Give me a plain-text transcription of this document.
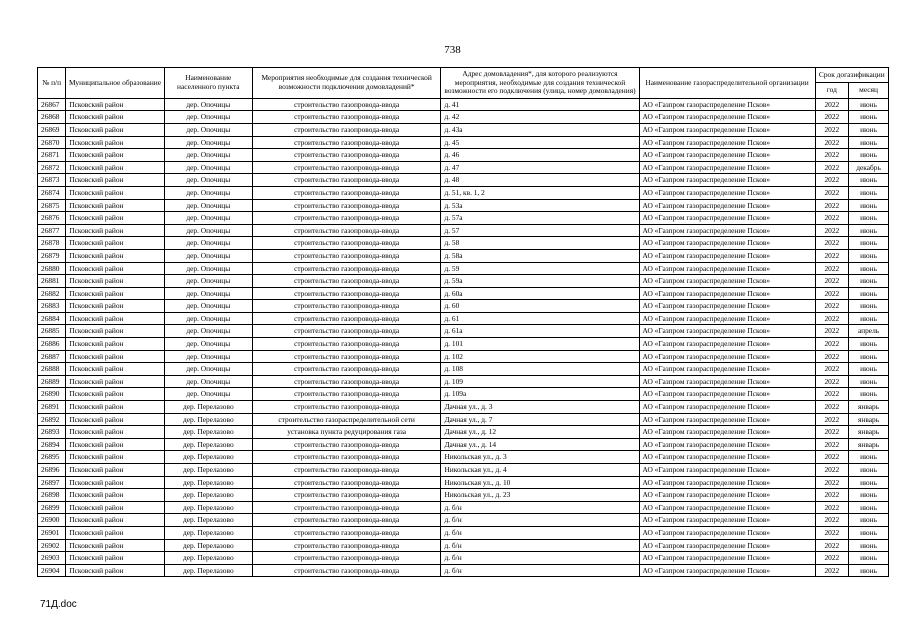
738
№ п/п	Муниципальное образование	Наименование населенного пункта	Мероприятия необходимые для создания технической возможности подключения домовладений*	Адрес домовладения*, для которого реализуются мероприятия, необходимые для создания технической возможности его подключения (улица, номер домовладения)	Наименование газораспределительной организации	Срок догазификации	
						год	месяц
26867	Псковский район	дер. Опочицы	строительство газопровода-ввода	д. 41	АО «Газпром газораспределение Псков»	2022	июнь
26868	Псковский район	дер. Опочицы	строительство газопровода-ввода	д. 42	АО «Газпром газораспределение Псков»	2022	июнь
26869	Псковский район	дер. Опочицы	строительство газопровода-ввода	д. 43а	АО «Газпром газораспределение Псков»	2022	июнь
26870	Псковский район	дер. Опочицы	строительство газопровода-ввода	д. 45	АО «Газпром газораспределение Псков»	2022	июнь
26871	Псковский район	дер. Опочицы	строительство газопровода-ввода	д. 46	АО «Газпром газораспределение Псков»	2022	июнь
26872	Псковский район	дер. Опочицы	строительство газопровода-ввода	д. 47	АО «Газпром газораспределение Псков»	2022	декабрь
26873	Псковский район	дер. Опочицы	строительство газопровода-ввода	д. 48	АО «Газпром газораспределение Псков»	2022	июнь
26874	Псковский район	дер. Опочицы	строительство газопровода-ввода	д. 51, кв. 1, 2	АО «Газпром газораспределение Псков»	2022	июнь
26875	Псковский район	дер. Опочицы	строительство газопровода-ввода	д. 53а	АО «Газпром газораспределение Псков»	2022	июнь
26876	Псковский район	дер. Опочицы	строительство газопровода-ввода	д. 57а	АО «Газпром газораспределение Псков»	2022	июнь
26877	Псковский район	дер. Опочицы	строительство газопровода-ввода	д. 57	АО «Газпром газораспределение Псков»	2022	июнь
26878	Псковский район	дер. Опочицы	строительство газопровода-ввода	д. 58	АО «Газпром газораспределение Псков»	2022	июнь
26879	Псковский район	дер. Опочицы	строительство газопровода-ввода	д. 58а	АО «Газпром газораспределение Псков»	2022	июнь
26880	Псковский район	дер. Опочицы	строительство газопровода-ввода	д. 59	АО «Газпром газораспределение Псков»	2022	июнь
26881	Псковский район	дер. Опочицы	строительство газопровода-ввода	д. 59а	АО «Газпром газораспределение Псков»	2022	июнь
26882	Псковский район	дер. Опочицы	строительство газопровода-ввода	д. 60а	АО «Газпром газораспределение Псков»	2022	июнь
26883	Псковский район	дер. Опочицы	строительство газопровода-ввода	д. 60	АО «Газпром газораспределение Псков»	2022	июнь
26884	Псковский район	дер. Опочицы	строительство газопровода-ввода	д. 61	АО «Газпром газораспределение Псков»	2022	июнь
26885	Псковский район	дер. Опочицы	строительство газопровода-ввода	д. 61а	АО «Газпром газораспределение Псков»	2022	апрель
26886	Псковский район	дер. Опочицы	строительство газопровода-ввода	д. 101	АО «Газпром газораспределение Псков»	2022	июнь
26887	Псковский район	дер. Опочицы	строительство газопровода-ввода	д. 102	АО «Газпром газораспределение Псков»	2022	июнь
26888	Псковский район	дер. Опочицы	строительство газопровода-ввода	д. 108	АО «Газпром газораспределение Псков»	2022	июнь
26889	Псковский район	дер. Опочицы	строительство газопровода-ввода	д. 109	АО «Газпром газораспределение Псков»	2022	июнь
26890	Псковский район	дер. Опочицы	строительство газопровода-ввода	д. 109а	АО «Газпром газораспределение Псков»	2022	июнь
26891	Псковский район	дер. Перелазово	строительство газопровода-ввода	Дачная ул., д. 3	АО «Газпром газораспределение Псков»	2022	январь
26892	Псковский район	дер. Перелазово	строительство газораспределительной сети	Дачная ул., д. 7	АО «Газпром газораспределение Псков»	2022	январь
26893	Псковский район	дер. Перелазово	установка пункта редуцирования газа	Дачная ул., д. 12	АО «Газпром газораспределение Псков»	2022	январь
26894	Псковский район	дер. Перелазово	строительство газопровода-ввода	Дачная ул., д. 14	АО «Газпром газораспределение Псков»	2022	январь
26895	Псковский район	дер. Перелазово	строительство газопровода-ввода	Никольская ул., д. 3	АО «Газпром газораспределение Псков»	2022	июнь
26896	Псковский район	дер. Перелазово	строительство газопровода-ввода	Никольская ул., д. 4	АО «Газпром газораспределение Псков»	2022	июнь
26897	Псковский район	дер. Перелазово	строительство газопровода-ввода	Никольская ул., д. 10	АО «Газпром газораспределение Псков»	2022	июнь
26898	Псковский район	дер. Перелазово	строительство газопровода-ввода	Никольская ул., д. 23	АО «Газпром газораспределение Псков»	2022	июнь
26899	Псковский район	дер. Перелазово	строительство газопровода-ввода	д. б/н	АО «Газпром газораспределение Псков»	2022	июнь
26900	Псковский район	дер. Перелазово	строительство газопровода-ввода	д. б/н	АО «Газпром газораспределение Псков»	2022	июнь
26901	Псковский район	дер. Перелазово	строительство газопровода-ввода	д. б/н	АО «Газпром газораспределение Псков»	2022	июнь
26902	Псковский район	дер. Перелазово	строительство газопровода-ввода	д. б/н	АО «Газпром газораспределение Псков»	2022	июнь
26903	Псковский район	дер. Перелазово	строительство газопровода-ввода	д. б/н	АО «Газпром газораспределение Псков»	2022	июнь
26904	Псковский район	дер. Перелазово	строительство газопровода-ввода	д. б/н	АО «Газпром газораспределение Псков»	2022	июнь
71Д.doc
